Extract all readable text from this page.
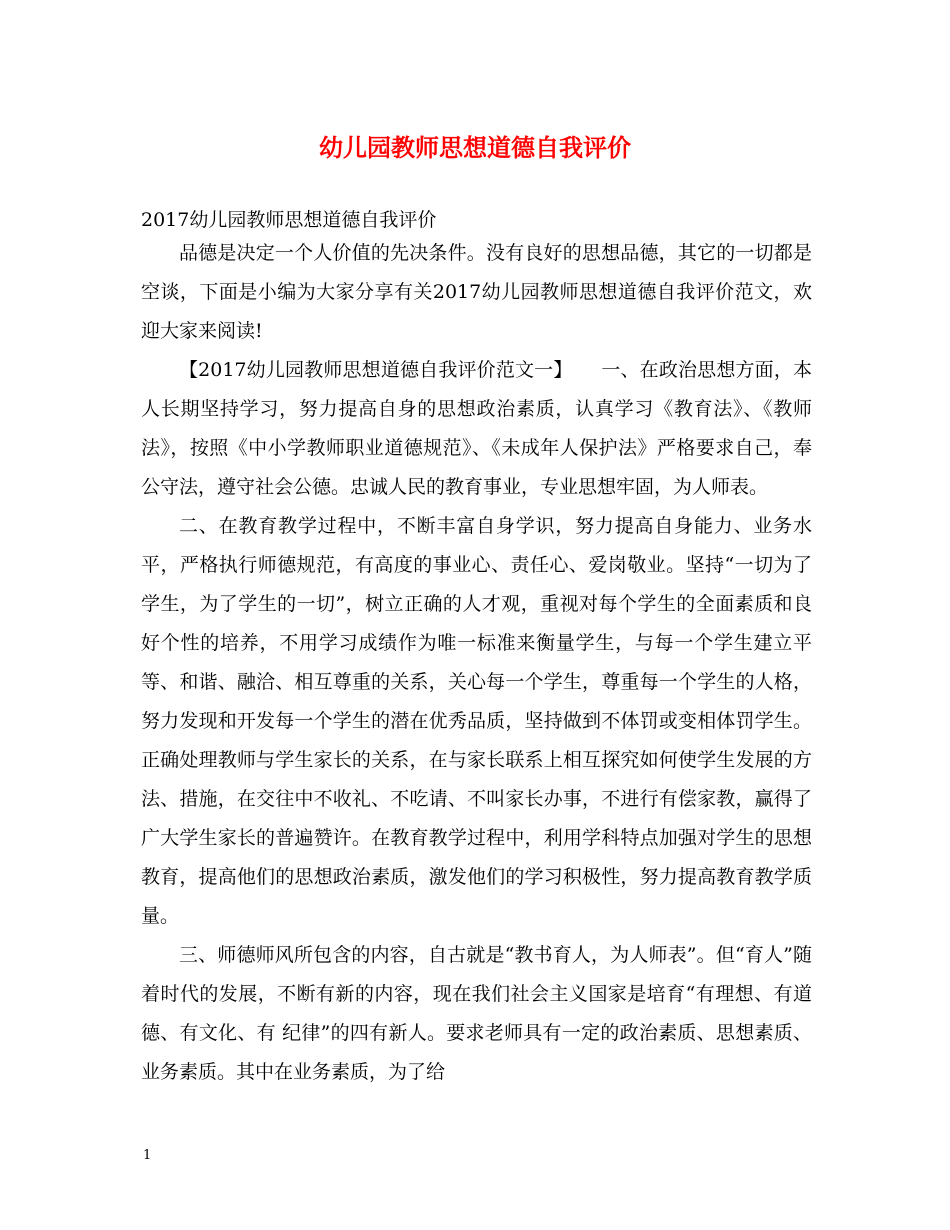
幼儿园教师思想道德自我评价
2017幼儿园教师思想道德自我评价

品德是决定一个人价值的先决条件。没有良好的思想品德，其它的一切都是空谈，下面是小编为大家分享有关2017幼儿园教师思想道德自我评价范文，欢迎大家来阅读!

【2017幼儿园教师思想道德自我评价范文一】　　一、在政治思想方面，本人长期坚持学习，努力提高自身的思想政治素质，认真学习《教育法》、《教师法》，按照《中小学教师职业道德规范》、《未成年人保护法》严格要求自己，奉公守法，遵守社会公德。忠诚人民的教育事业，专业思想牢固，为人师表。

二、在教育教学过程中，不断丰富自身学识，努力提高自身能力、业务水平，严格执行师德规范，有高度的事业心、责任心、爱岗敬业。坚持“一切为了学生，为了学生的一切”，树立正确的人才观，重视对每个学生的全面素质和良好个性的培养，不用学习成绩作为唯一标准来衡量学生，与每一个学生建立平等、和谐、融洽、相互尊重的关系，关心每一个学生，尊重每一个学生的人格，努力发现和开发每一个学生的潜在优秀品质，坚持做到不体罚或变相体罚学生。正确处理教师与学生家长的关系，在与家长联系上相互探究如何使学生发展的方法、措施，在交往中不收礼、不吃请、不叫家长办事，不进行有偿家教，赢得了广大学生家长的普遍赞许。在教育教学过程中，利用学科特点加强对学生的思想教育，提高他们的思想政治素质，激发他们的学习积极性，努力提高教育教学质量。

三、师德师风所包含的内容，自古就是“教书育人，为人师表”。但“育人”随着时代的发展，不断有新的内容，现在我们社会主义国家是培育“有理想、有道德、有文化、有 纪律”的四有新人。要求老师具有一定的政治素质、思想素质、业务素质。其中在业务素质，为了给

1
